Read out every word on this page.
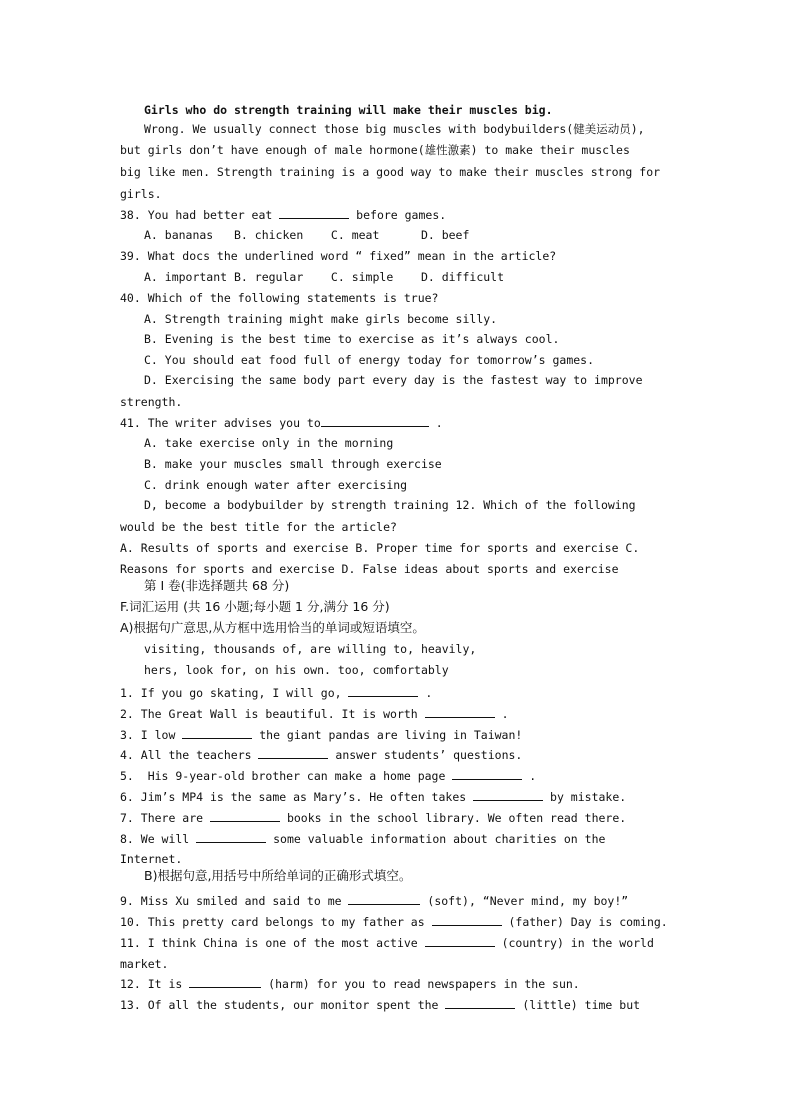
Girls who do strength training will make their muscles big.
Wrong. We usually connect those big muscles with bodybuilders(健美运动员),
but girls don’t have enough of male hormone(雄性激素) to make their muscles
big like men. Strength training is a good way to make their muscles strong for
girls.
38. You had better eat	before games.
A. bananas   B. chicken    C. meat      D. beef
39. What docs the underlined word “ fixed” mean in the article?
A. important B. regular    C. simple    D. difficult
40. Which of the following statements is true?
A. Strength training might make girls become silly.
B. Evening is the best time to exercise as it’s always cool.
C. You should eat food full of energy today for tomorrow’s games.
D. Exercising the same body part every day is the fastest way to improve
strength.
41. The writer advises you to	.
A. take exercise only in the morning
B. make your muscles small through exercise
C. drink enough water after exercising
D, become a bodybuilder by strength training 12. Which of the following
would be the best title for the article?
A. Results of sports and exercise B. Proper time for sports and exercise C.
Reasons for sports and exercise D. False ideas about sports and exercise
第 I 卷(非选择题共 68 分)
F.词汇运用 (共 16 小题;每小题 1 分,满分 16 分)
A)根据句广意思,从方框中选用恰当的单词或短语填空。
visiting, thousands of, are willing to, heavily,
hers, look for, on his own. too, comfortably
1. If you go skating, I will go,	.
2. The Great Wall is beautiful. It is worth	.
3. I low	the giant pandas are living in Taiwan!
4. All the teachers	answer students’ questions.
5.  His 9-year-old brother can make a home page	.
6. Jim’s MP4 is the same as Mary’s. He often takes	by mistake.
7. There are	books in the school library. We often read there.
8. We will	some valuable information about charities on the
Internet.
B)根据句意,用括号中所给单词的正确形式填空。
9. Miss Xu smiled and said to me	(soft), “Never mind, my boy!”
10. This pretty card belongs to my father as	(father) Day is coming.
11. I think China is one of the most active	(country) in the world
market.
12. It is	(harm) for you to read newspapers in the sun.
13. Of all the students, our monitor spent the	(little) time but
